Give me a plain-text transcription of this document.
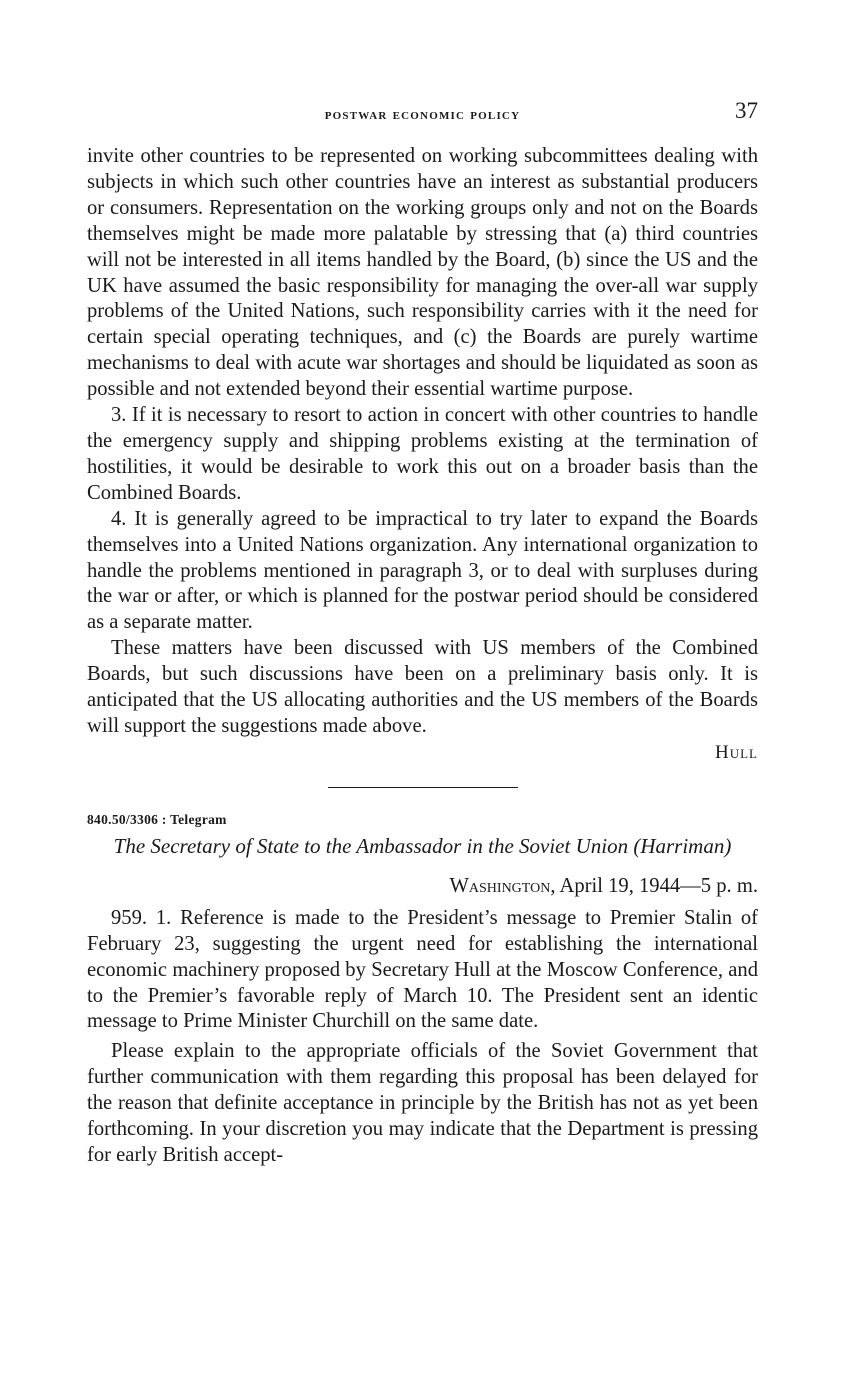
postwar economic policy	37

invite other countries to be represented on working subcommittees dealing with subjects in which such other countries have an interest as substantial producers or consumers. Representation on the working groups only and not on the Boards themselves might be made more palatable by stressing that (a) third countries will not be interested in all items handled by the Board, (b) since the US and the UK have assumed the basic responsibility for managing the over-all war supply problems of the United Nations, such responsibility carries with it the need for certain special operating techniques, and (c) the Boards are purely wartime mechanisms to deal with acute war shortages and should be liquidated as soon as possible and not extended beyond their essential wartime purpose.

3. If it is necessary to resort to action in concert with other countries to handle the emergency supply and shipping problems existing at the termination of hostilities, it would be desirable to work this out on a broader basis than the Combined Boards.

4. It is generally agreed to be impractical to try later to expand the Boards themselves into a United Nations organization. Any international organization to handle the problems mentioned in paragraph 3, or to deal with surpluses during the war or after, or which is planned for the postwar period should be considered as a separate matter.

These matters have been discussed with US members of the Combined Boards, but such discussions have been on a preliminary basis only. It is anticipated that the US allocating authorities and the US members of the Boards will support the suggestions made above.

Hull
840.50/3306 : Telegram
The Secretary of State to the Ambassador in the Soviet Union (Harriman)
Washington, April 19, 1944—5 p. m.

959. 1. Reference is made to the President’s message to Premier Stalin of February 23, suggesting the urgent need for establishing the international economic machinery proposed by Secretary Hull at the Moscow Conference, and to the Premier’s favorable reply of March 10. The President sent an identic message to Prime Minister Churchill on the same date.

Please explain to the appropriate officials of the Soviet Government that further communication with them regarding this proposal has been delayed for the reason that definite acceptance in principle by the British has not as yet been forthcoming. In your discretion you may indicate that the Department is pressing for early British accept-
